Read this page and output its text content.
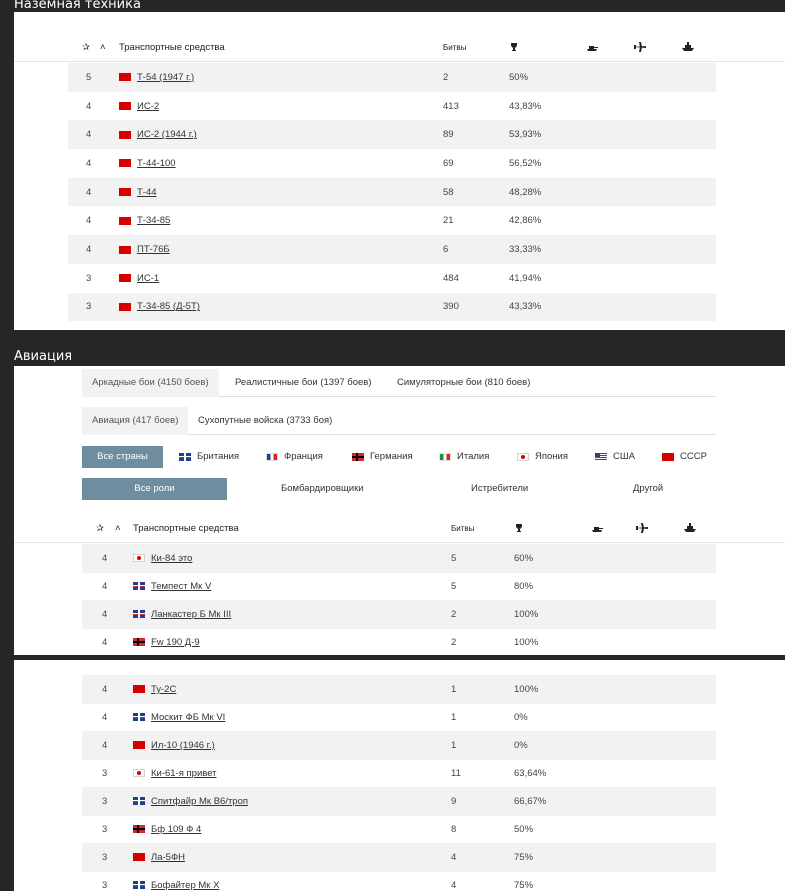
Наземная техника
✰ ˄ Транспортные средства	Битвы
5	Т-54 (1947 г.)	2	50%
4	ИС-2	413	43,83%
4	ИС-2 (1944 г.)	89	53,93%
4	Т-44-100	69	56,52%
4	Т-44	58	48,28%
4	Т-34-85	21	42,86%
4	ПТ-76Б	6	33,33%
3	ИС-1	484	41,94%
3	Т-34-85 (Д-5Т)	390	43,33%
Авиация
Аркадные бои (4150 боев)	Реалистичные бои (1397 боев)	Симуляторные бои (810 боев)
Авиация (417 боев)	Сухопутные войска (3733 боя)
Все страны	Британия	Франция	Германия	Италия	Япония	США	СССР
Все роли	Бомбардировщики	Истребители	Другой
✰ ˄ Транспортные средства	Битвы
4	Ки-84 это	5	60%
4	Темпест Мк V	5	80%
4	Ланкастер Б Мк III	2	100%
4	Fw 190 Д-9	2	100%
4	Ту-2С	1	100%
4	Москит ФБ Мк VI	1	0%
4	Ил-10 (1946 г.)	1	0%
3	Ки-61-я привет	11	63,64%
3	Спитфайр Мк В6/троп	9	66,67%
3	Бф 109 Ф 4	8	50%
3	Ла-5ФН	4	75%
3	Бофайтер Мк X	4	75%
